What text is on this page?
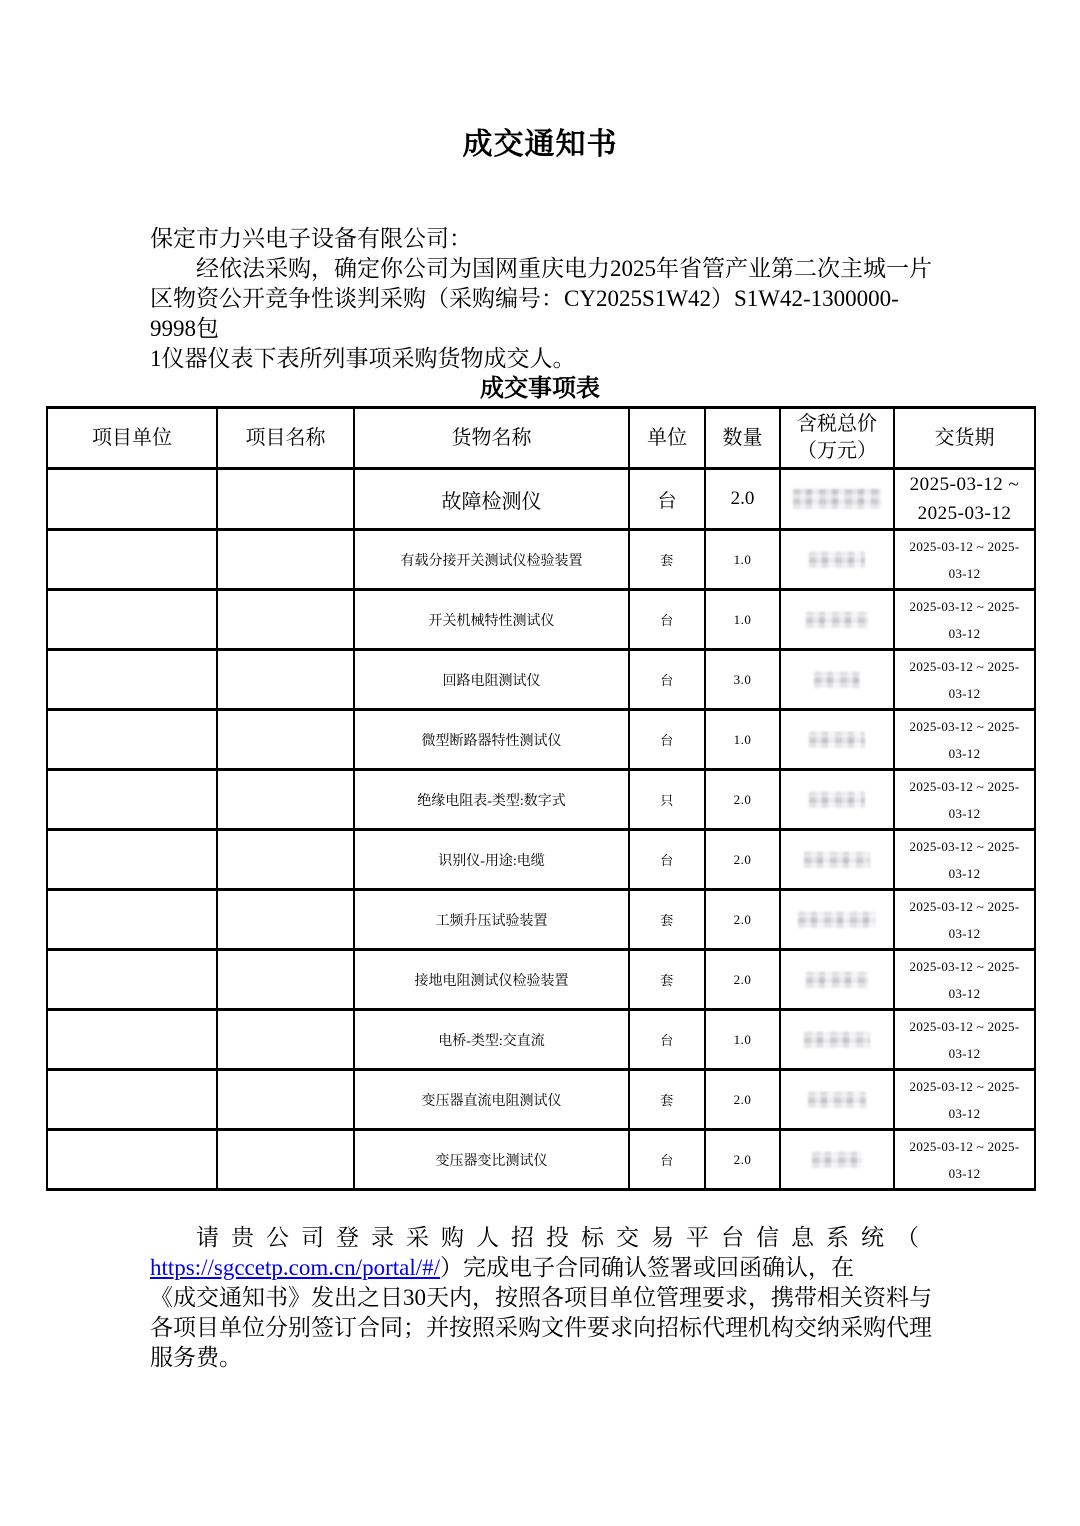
成交通知书

保定市力兴电子设备有限公司：

经依法采购，确定你公司为国网重庆电力2025年省管产业第二次主城一片

区物资公开竞争性谈判采购（采购编号：CY2025S1W42）S1W42-1300000-9998包

1仪器仪表下表所列事项采购货物成交人。

成交事项表
项目单位	项目名称	货物名称	单位	数量	含税总价
（万元）	交货期
		故障检测仪	台	2.0		2025-03-12 ~
2025-03-12

		有载分接开关测试仪检验装置	套	1.0		2025-03-12 ~ 2025-
03-12

		开关机械特性测试仪	台	1.0		2025-03-12 ~ 2025-
03-12

		回路电阻测试仪	台	3.0		2025-03-12 ~ 2025-
03-12

		微型断路器特性测试仪	台	1.0		2025-03-12 ~ 2025-
03-12

		绝缘电阻表-类型:数字式	只	2.0		2025-03-12 ~ 2025-
03-12

		识别仪-用途:电缆	台	2.0		2025-03-12 ~ 2025-
03-12

		工频升压试验装置	套	2.0		2025-03-12 ~ 2025-
03-12

		接地电阻测试仪检验装置	套	2.0		2025-03-12 ~ 2025-
03-12

		电桥-类型:交直流	台	1.0		2025-03-12 ~ 2025-
03-12

		变压器直流电阻测试仪	套	2.0		2025-03-12 ~ 2025-
03-12

		变压器变比测试仪	台	2.0		2025-03-12 ~ 2025-
03-12

请贵公司登录采购人招投标交易平台信息系统（

https://sgccetp.com.cn/portal/#/）完成电子合同确认签署或回函确认，在

《成交通知书》发出之日30天内，按照各项目单位管理要求，携带相关资料与

各项目单位分别签订合同；并按照采购文件要求向招标代理机构交纳采购代理

服务费。
